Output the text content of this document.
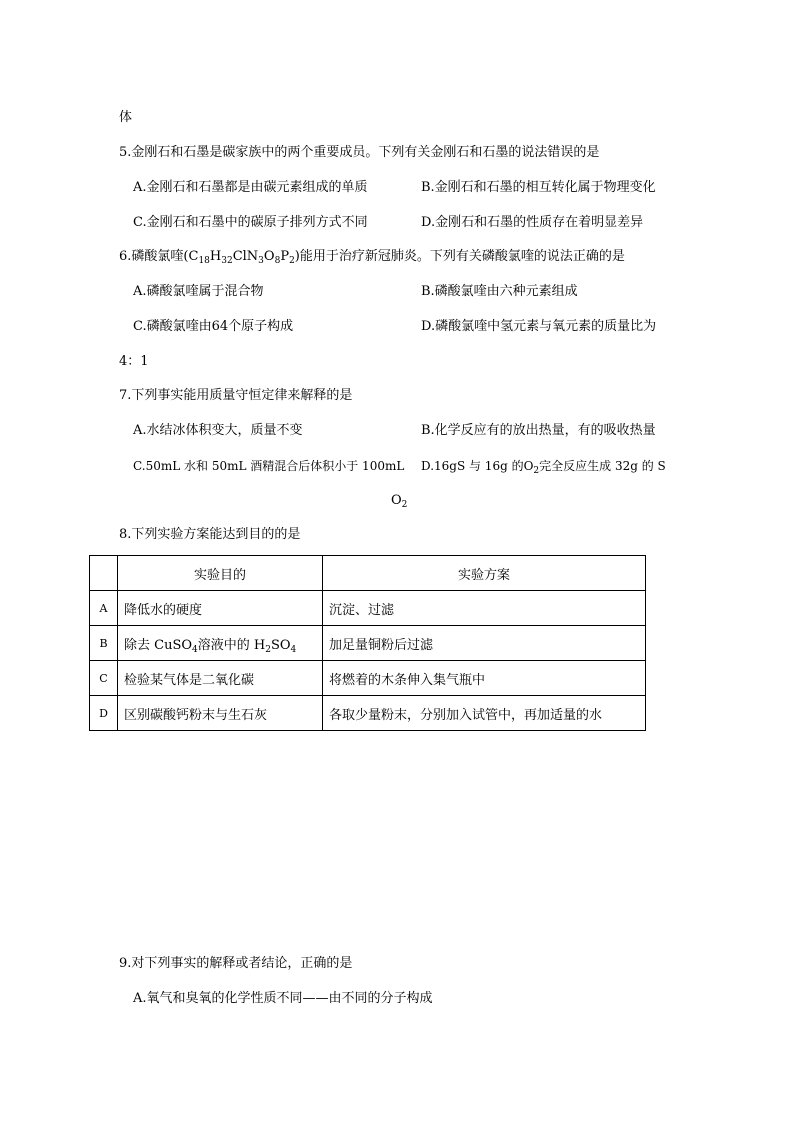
体
5.金刚石和石墨是碳家族中的两个重要成员。下列有关金刚石和石墨的说法错误的是
A.金刚石和石墨都是由碳元素组成的单质	B.金刚石和石墨的相互转化属于物理变化
C.金刚石和石墨中的碳原子排列方式不同	D.金刚石和石墨的性质存在着明显差异
6.磷酸氯喹$(C_{18}H_{32}ClN_3O_8P_2)$能用于治疗新冠肺炎。下列有关磷酸氯喹的说法正确的是
A.磷酸氯喹属于混合物	B.磷酸氯喹由六种元素组成
C.磷酸氯喹由64个原子构成	D.磷酸氯喹中氢元素与氧元素的质量比为
4：1
7.下列事实能用质量守恒定律来解释的是
A.水结冰体积变大，质量不变	B.化学反应有的放出热量，有的吸收热量
C.50mL 水和 50mL 酒精混合后体积小于 100mL D.16gS 与 16g 的$O_2$完全反应生成 32g 的 S
$O_2$
8.下列实验方案能达到目的的是
	实验目的	实验方案
A	降低水的硬度	沉淀、过滤
B	除去 CuSO$_4$溶液中的 $H_2SO_4$	加足量铜粉后过滤
C	检验某气体是二氧化碳	将燃着的木条伸入集气瓶中
D	区别碳酸钙粉末与生石灰	各取少量粉末，分别加入试管中，再加适量的水
9.对下列事实的解释或者结论，正确的是
A.氧气和臭氧的化学性质不同——由不同的分子构成
